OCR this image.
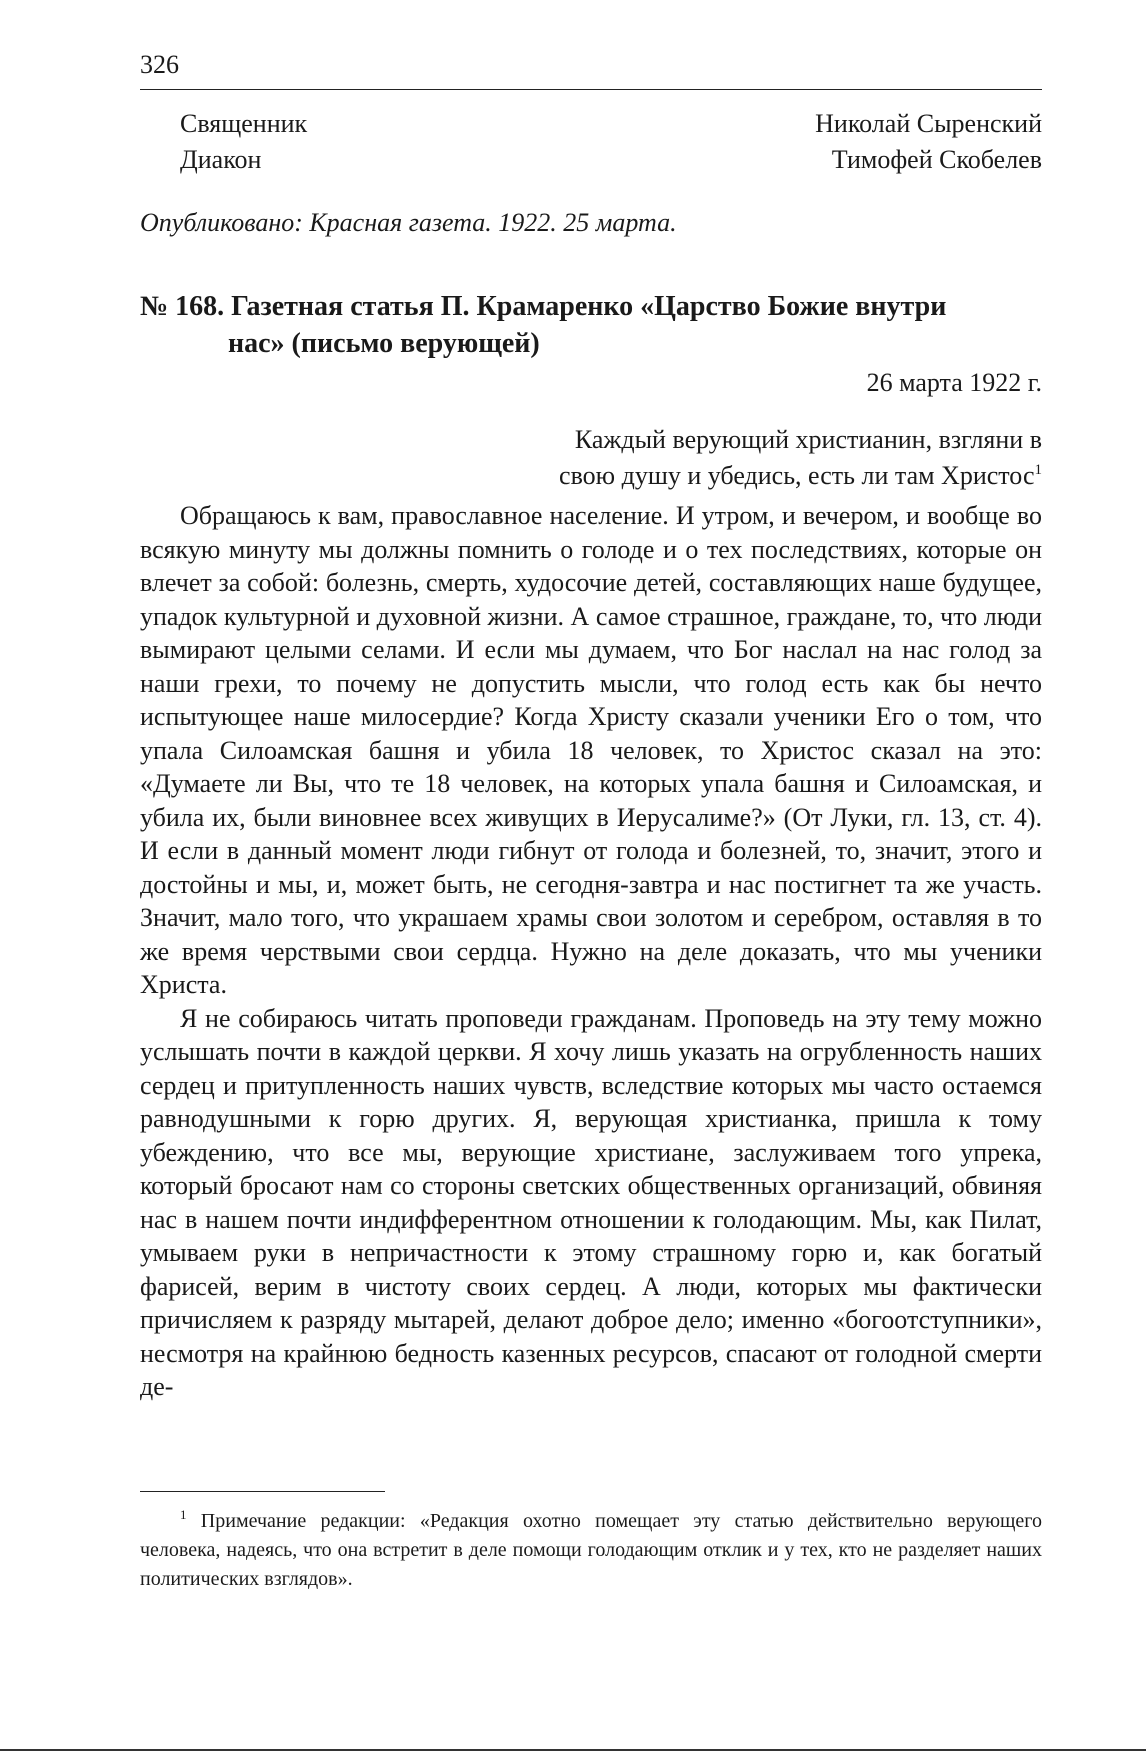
326
Священник	Николай Сыренский
Диакон	Тимофей Скобелев
Опубликовано: Красная газета. 1922. 25 марта.
№ 168. Газетная статья П. Крамаренко «Царство Божие внутри
нас» (письмо верующей)
26 марта 1922 г.
Каждый верующий христианин, взгляни в
свою душу и убедись, есть ли там Христос$^1$

Обращаюсь к вам, православное население. И утром, и вечером, и вообще во всякую минуту мы должны помнить о голоде и о тех последствиях, которые он влечет за собой: болезнь, смерть, худосочие детей, составляющих наше будущее, упадок культурной и духовной жизни. А самое страшное, граждане, то, что люди вымирают целыми селами. И если мы думаем, что Бог наслал на нас голод за наши грехи, то почему не допустить мысли, что голод есть как бы нечто испытующее наше милосердие? Когда Христу сказали ученики Его о том, что упала Силоамская башня и убила 18 человек, то Христос сказал на это: «Думаете ли Вы, что те 18 человек, на которых упала башня и Силоамская, и убила их, были виновнее всех живущих в Иерусалиме?» (От Луки, гл. 13, ст. 4). И если в данный момент люди гибнут от голода и болезней, то, значит, этого и достойны и мы, и, может быть, не сегодня-завтра и нас постигнет та же участь. Значит, мало того, что украшаем храмы свои золотом и серебром, оставляя в то же время черствыми свои сердца. Нужно на деле доказать, что мы ученики Христа.

Я не собираюсь читать проповеди гражданам. Проповедь на эту тему можно услышать почти в каждой церкви. Я хочу лишь указать на огрубленность наших сердец и притупленность наших чувств, вследствие которых мы часто остаемся равнодушными к горю других. Я, верующая христианка, пришла к тому убеждению, что все мы, верующие христиане, заслуживаем того упрека, который бросают нам со стороны светских общественных организаций, обвиняя нас в нашем почти индифферентном отношении к голодающим. Мы, как Пилат, умываем руки в непричастности к этому страшному горю и, как богатый фарисей, верим в чистоту своих сердец. А люди, которых мы фактически причисляем к разряду мытарей, делают доброе дело; именно «богоотступники», несмотря на крайнюю бедность казенных ресурсов, спасают от голодной смерти де-

$^1$ Примечание редакции: «Редакция охотно помещает эту статью действительно верующего человека, надеясь, что она встретит в деле помощи голодающим отклик и у тех, кто не разделяет наших политических взглядов».
